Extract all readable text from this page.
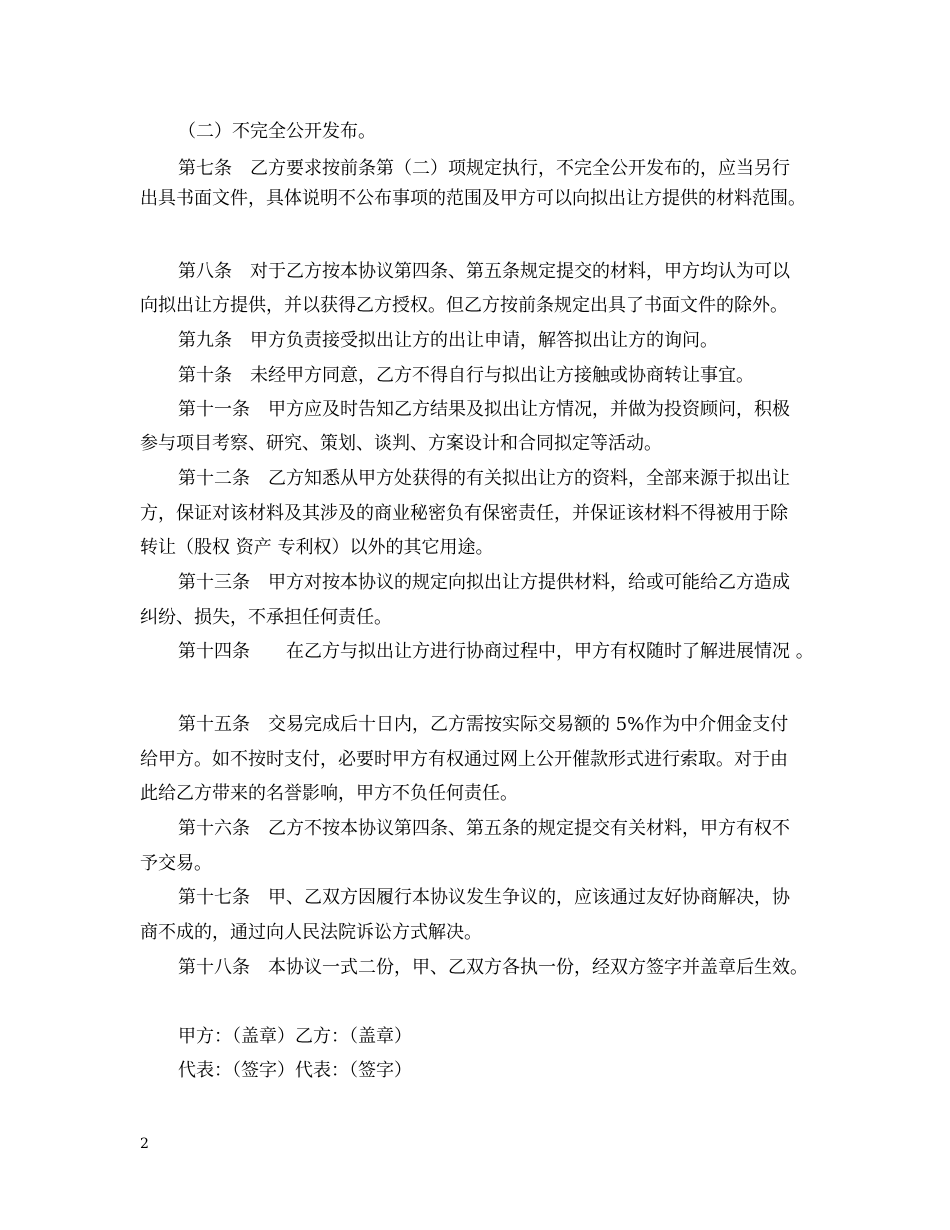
（二）不完全公开发布。
第七条　乙方要求按前条第（二）项规定执行，不完全公开发布的，应当另行
出具书面文件，具体说明不公布事项的范围及甲方可以向拟出让方提供的材料范围。
第八条　对于乙方按本协议第四条、第五条规定提交的材料，甲方均认为可以
向拟出让方提供，并以获得乙方授权。但乙方按前条规定出具了书面文件的除外。
第九条　甲方负责接受拟出让方的出让申请，解答拟出让方的询问。
第十条　未经甲方同意，乙方不得自行与拟出让方接触或协商转让事宜。
第十一条　甲方应及时告知乙方结果及拟出让方情况，并做为投资顾问，积极
参与项目考察、研究、策划、谈判、方案设计和合同拟定等活动。
第十二条　乙方知悉从甲方处获得的有关拟出让方的资料，全部来源于拟出让
方，保证对该材料及其涉及的商业秘密负有保密责任，并保证该材料不得被用于除
转让（股权 资产 专利权）以外的其它用途。
第十三条　甲方对按本协议的规定向拟出让方提供材料，给或可能给乙方造成
纠纷、损失，不承担任何责任。
第十四条　　在乙方与拟出让方进行协商过程中，甲方有权随时了解进展情况 。
第十五条　交易完成后十日内，乙方需按实际交易额的 5%作为中介佣金支付
给甲方。如不按时支付，必要时甲方有权通过网上公开催款形式进行索取。对于由
此给乙方带来的名誉影响，甲方不负任何责任。
第十六条　乙方不按本协议第四条、第五条的规定提交有关材料，甲方有权不
予交易。
第十七条　甲、乙双方因履行本协议发生争议的，应该通过友好协商解决，协
商不成的，通过向人民法院诉讼方式解决。
第十八条　本协议一式二份，甲、乙双方各执一份，经双方签字并盖章后生效。
甲方：（盖章）乙方：（盖章）
代表：（签字）代表：（签字）
2
